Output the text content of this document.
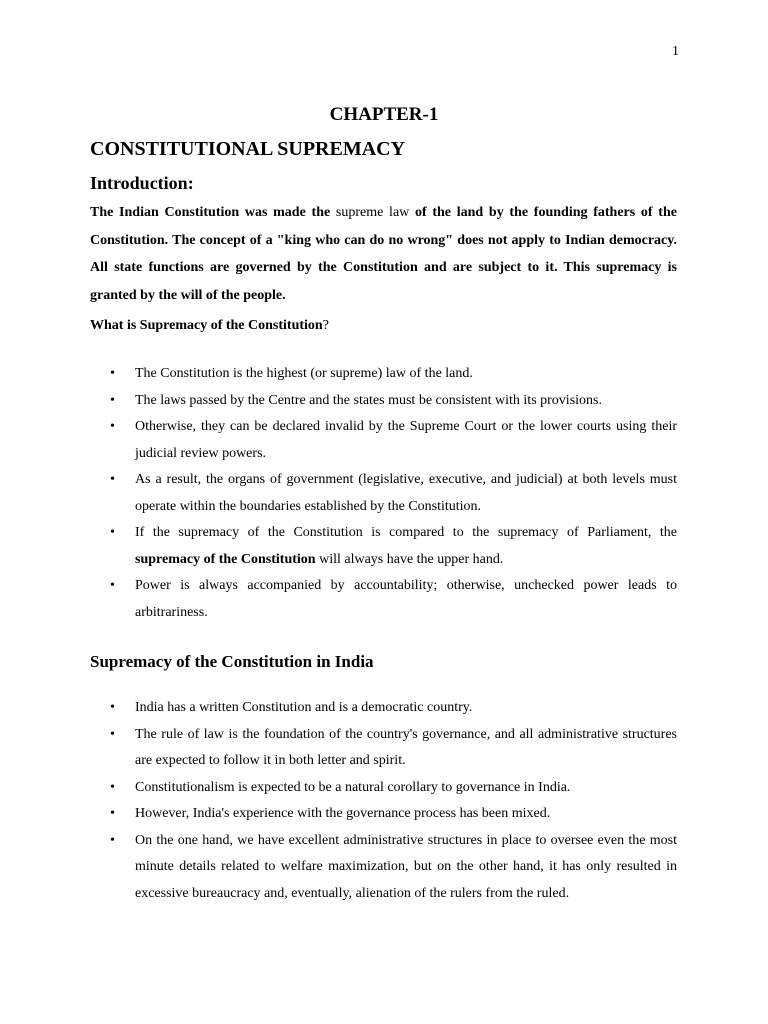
1
CHAPTER-1
CONSTITUTIONAL SUPREMACY
Introduction:
The Indian Constitution was made the supreme law of the land by the founding fathers of the Constitution. The concept of a "king who can do no wrong" does not apply to Indian democracy. All state functions are governed by the Constitution and are subject to it. This supremacy is granted by the will of the people.
What is Supremacy of the Constitution?
• The Constitution is the highest (or supreme) law of the land.
• The laws passed by the Centre and the states must be consistent with its provisions.
• Otherwise, they can be declared invalid by the Supreme Court or the lower courts using their judicial review powers.
• As a result, the organs of government (legislative, executive, and judicial) at both levels must operate within the boundaries established by the Constitution.
• If the supremacy of the Constitution is compared to the supremacy of Parliament, the supremacy of the Constitution will always have the upper hand.
• Power is always accompanied by accountability; otherwise, unchecked power leads to arbitrariness.
Supremacy of the Constitution in India
• India has a written Constitution and is a democratic country.
• The rule of law is the foundation of the country's governance, and all administrative structures are expected to follow it in both letter and spirit.
• Constitutionalism is expected to be a natural corollary to governance in India.
• However, India's experience with the governance process has been mixed.
• On the one hand, we have excellent administrative structures in place to oversee even the most minute details related to welfare maximization, but on the other hand, it has only resulted in excessive bureaucracy and, eventually, alienation of the rulers from the ruled.
